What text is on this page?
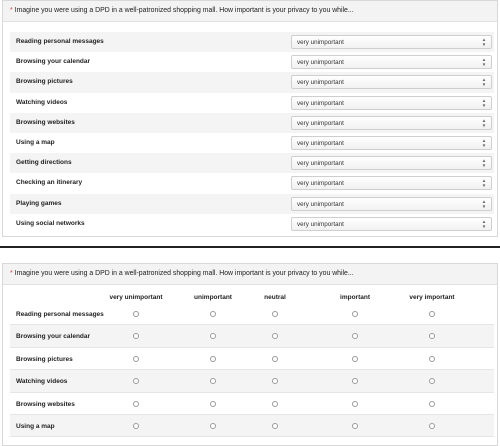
* Imagine you were using a DPD in a well-patronized shopping mall. How important is your privacy to you while...
Reading personal messages	very unimportant	▲
▼
Browsing your calendar	very unimportant	▲
▼
Browsing pictures	very unimportant	▲
▼
Watching videos	very unimportant	▲
▼
Browsing websites	very unimportant	▲
▼
Using a map	very unimportant	▲
▼
Getting directions	very unimportant	▲
▼
Checking an itinerary	very unimportant	▲
▼
Playing games	very unimportant	▲
▼
Using social networks	very unimportant	▲
▼
* Imagine you were using a DPD in a well-patronized shopping mall. How important is your privacy to you while...
very unimportant	unimportant	neutral	important	very important
Reading personal messages
Browsing your calendar
Browsing pictures
Watching videos
Browsing websites
Using a map
